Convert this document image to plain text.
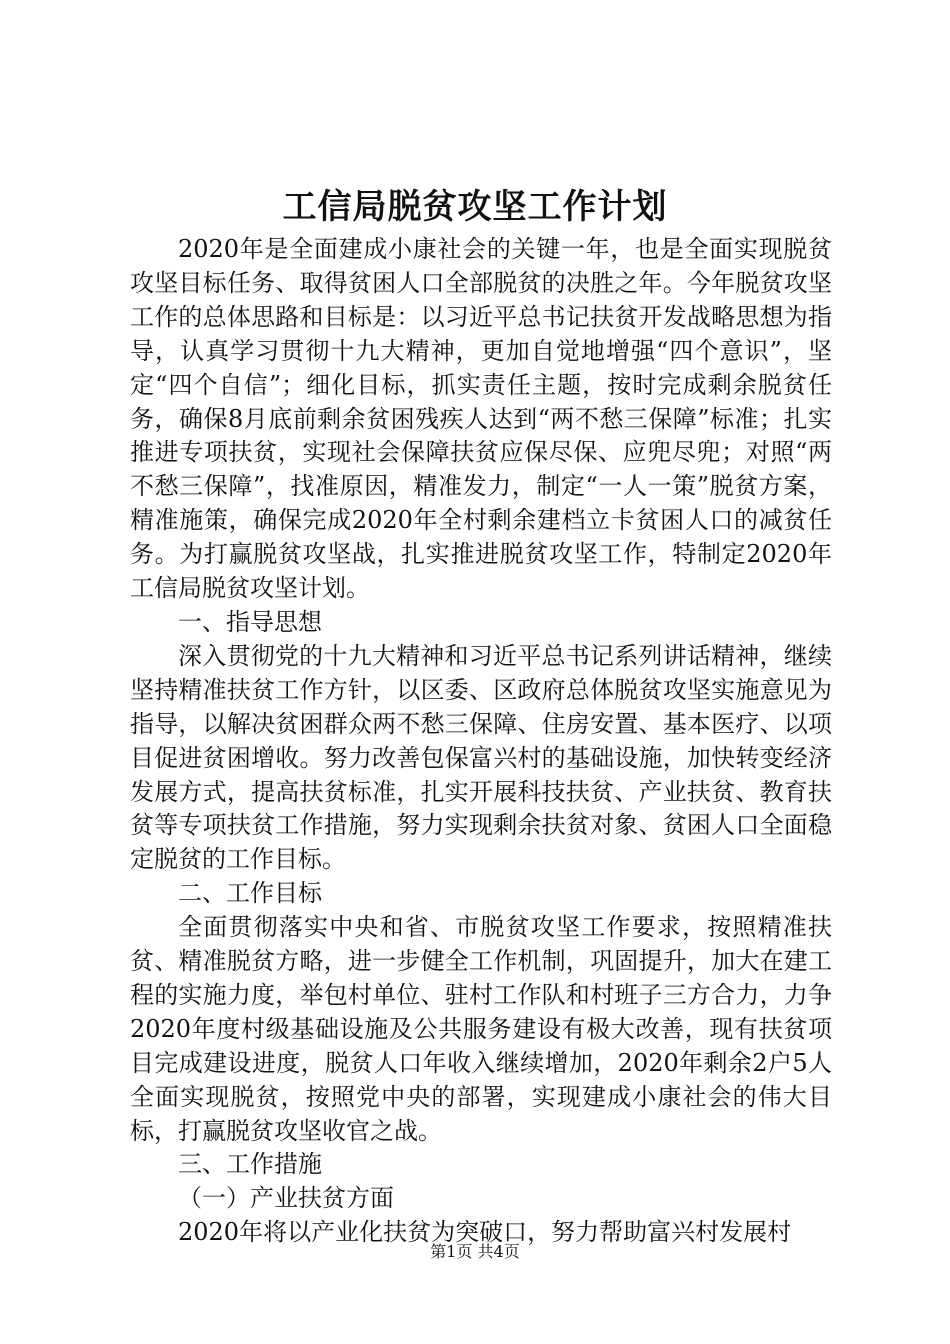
工信局脱贫攻坚工作计划

2020年是全面建成小康社会的关键一年，也是全面实现脱贫攻坚目标任务、取得贫困人口全部脱贫的决胜之年。今年脱贫攻坚工作的总体思路和目标是：以习近平总书记扶贫开发战略思想为指导，认真学习贯彻十九大精神，更加自觉地增强“四个意识”，坚定“四个自信”；细化目标，抓实责任主题，按时完成剩余脱贫任务，确保8月底前剩余贫困残疾人达到“两不愁三保障”标准；扎实推进专项扶贫，实现社会保障扶贫应保尽保、应兜尽兜；对照“两不愁三保障”，找准原因，精准发力，制定“一人一策”脱贫方案，精准施策，确保完成2020年全村剩余建档立卡贫困人口的减贫任务。为打赢脱贫攻坚战，扎实推进脱贫攻坚工作，特制定2020年工信局脱贫攻坚计划。

一、指导思想

深入贯彻党的十九大精神和习近平总书记系列讲话精神，继续坚持精准扶贫工作方针，以区委、区政府总体脱贫攻坚实施意见为指导，以解决贫困群众两不愁三保障、住房安置、基本医疗、以项目促进贫困增收。努力改善包保富兴村的基础设施，加快转变经济发展方式，提高扶贫标准，扎实开展科技扶贫、产业扶贫、教育扶贫等专项扶贫工作措施，努力实现剩余扶贫对象、贫困人口全面稳定脱贫的工作目标。

二、工作目标

全面贯彻落实中央和省、市脱贫攻坚工作要求，按照精准扶贫、精准脱贫方略，进一步健全工作机制，巩固提升，加大在建工程的实施力度，举包村单位、驻村工作队和村班子三方合力，力争2020年度村级基础设施及公共服务建设有极大改善，现有扶贫项目完成建设进度，脱贫人口年收入继续增加，2020年剩余2户5人全面实现脱贫，按照党中央的部署，实现建成小康社会的伟大目标，打赢脱贫攻坚收官之战。

三、工作措施

（一）产业扶贫方面

2020年将以产业化扶贫为突破口，努力帮助富兴村发展村

第1页 共4页
